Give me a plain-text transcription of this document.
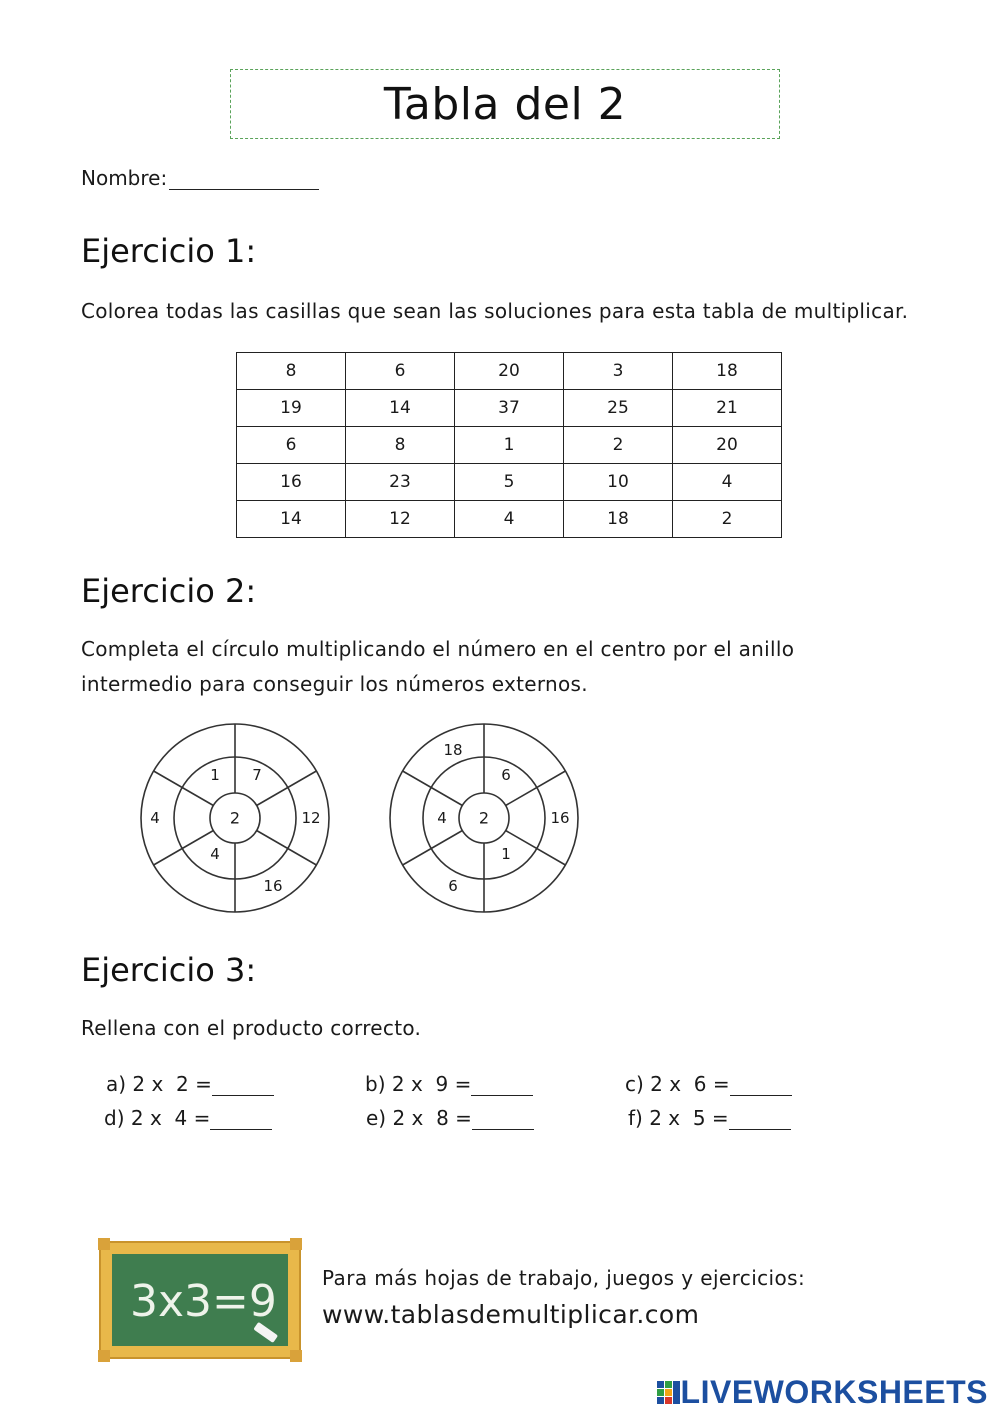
Tabla del 2
Nombre:
Ejercicio 1:
Colorea todas las casillas que sean las soluciones para esta tabla de multiplicar.
8	6	20	3	18
19	14	37	25	21
6	8	1	2	20
16	23	5	10	4
14	12	4	18	2
Ejercicio 2:
Completa el círculo multiplicando el número en el centro por el anillo
intermedio para conseguir los números externos.
2
1 7
4
4	12
16
2
18
6
4	16
1
6
Ejercicio 3:
Rellena con el producto correcto.
a) 2 x  2 =	b) 2 x  9 =	c) 2 x  6 =
d) 2 x  4 =	e) 2 x  8 =	f) 2 x  5 =
3x3=9 Para más hojas de trabajo, juegos y ejercicios:
www.tablasdemultiplicar.com
LIVEWORKSHEETS
